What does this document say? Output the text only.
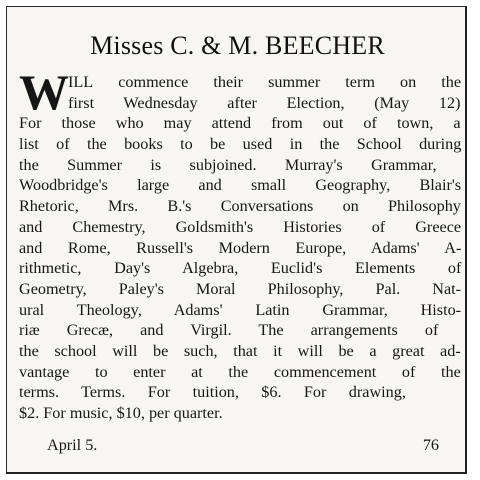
Misses C. & M. BEECHER
W ILL commence their summer term on the
first Wednesday after Election, (May 12)
For those who may attend from out of town, a
list of the books to be used in the School during
the Summer is subjoined. Murray's Grammar,
Woodbridge's large and small Geography, Blair's
Rhetoric, Mrs. B.'s Conversations on Philosophy
and Chemestry, Goldsmith's Histories of Greece
and Rome, Russell's Modern Europe, Adams' A-
rithmetic, Day's Algebra, Euclid's Elements of
Geometry, Paley's Moral Philosophy, Pal. Nat-
ural Theology, Adams' Latin Grammar, Histo-
riæ Grecæ, and Virgil. The arrangements of
the school will be such, that it will be a great ad-
vantage to enter at the commencement of the
terms. Terms. For tuition, $6. For drawing,
$2. For music, $10, per quarter.
April 5.	76
